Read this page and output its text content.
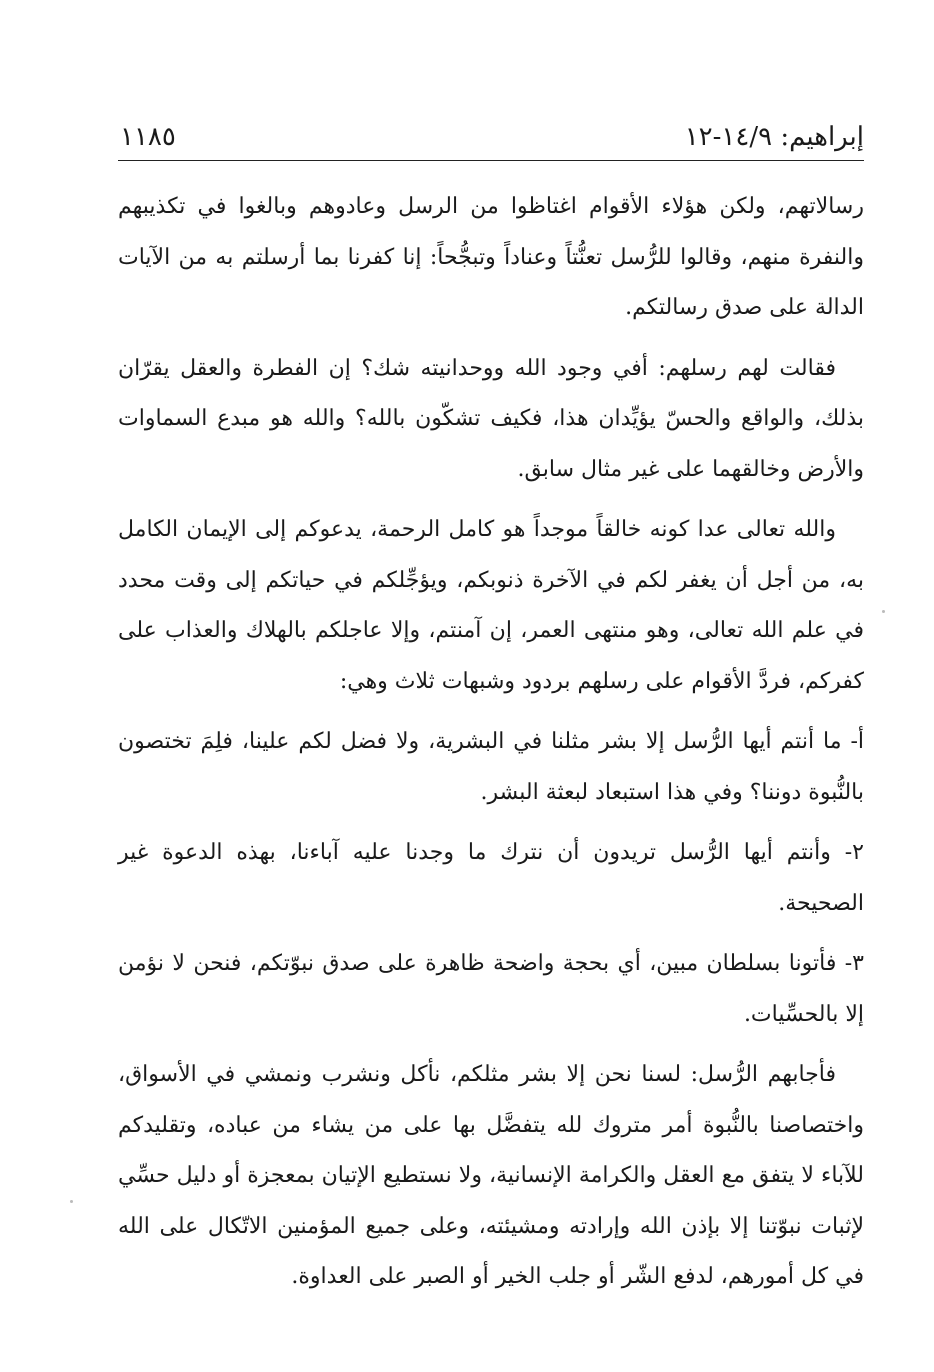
إبراهيم: ١٤/٩-١٢
١١٨٥

رسالاتهم، ولكن هؤلاء الأقوام اغتاظوا من الرسل وعادوهم وبالغوا في تكذيبهم والنفرة منهم، وقالوا للرُّسل تعنُّتاً وعناداً وتبجُّحاً: إنا كفرنا بما أرسلتم به من الآيات الدالة على صدق رسالتكم.

فقالت لهم رسلهم: أفي وجود الله ووحدانيته شك؟ إن الفطرة والعقل يقرّان بذلك، والواقع والحسّ يؤيِّدان هذا، فكيف تشكّون بالله؟ والله هو مبدع السماوات والأرض وخالقهما على غير مثال سابق.

والله تعالى عدا كونه خالقاً موجداً هو كامل الرحمة، يدعوكم إلى الإيمان الكامل به، من أجل أن يغفر لكم في الآخرة ذنوبكم، ويؤجِّلكم في حياتكم إلى وقت محدد في علم الله تعالى، وهو منتهى العمر، إن آمنتم، وإلا عاجلكم بالهلاك والعذاب على كفركم، فردَّ الأقوام على رسلهم بردود وشبهات ثلاث وهي:

أ- ما أنتم أيها الرُّسل إلا بشر مثلنا في البشرية، ولا فضل لكم علينا، فلِمَ تختصون بالنُّبوة دوننا؟ وفي هذا استبعاد لبعثة البشر.

٢- وأنتم أيها الرُّسل تريدون أن نترك ما وجدنا عليه آباءنا، بهذه الدعوة غير الصحيحة.

٣- فأتونا بسلطان مبين، أي بحجة واضحة ظاهرة على صدق نبوّتكم، فنحن لا نؤمن إلا بالحسِّيات.

فأجابهم الرُّسل: لسنا نحن إلا بشر مثلكم، نأكل ونشرب ونمشي في الأسواق، واختصاصنا بالنُّبوة أمر متروك لله يتفضَّل بها على من يشاء من عباده، وتقليدكم للآباء لا يتفق مع العقل والكرامة الإنسانية، ولا نستطيع الإتيان بمعجزة أو دليل حسِّي لإثبات نبوّتنا إلا بإذن الله وإرادته ومشيئته، وعلى جميع المؤمنين الاتّكال على الله في كل أمورهم، لدفع الشّر أو جلب الخير أو الصبر على العداوة.
